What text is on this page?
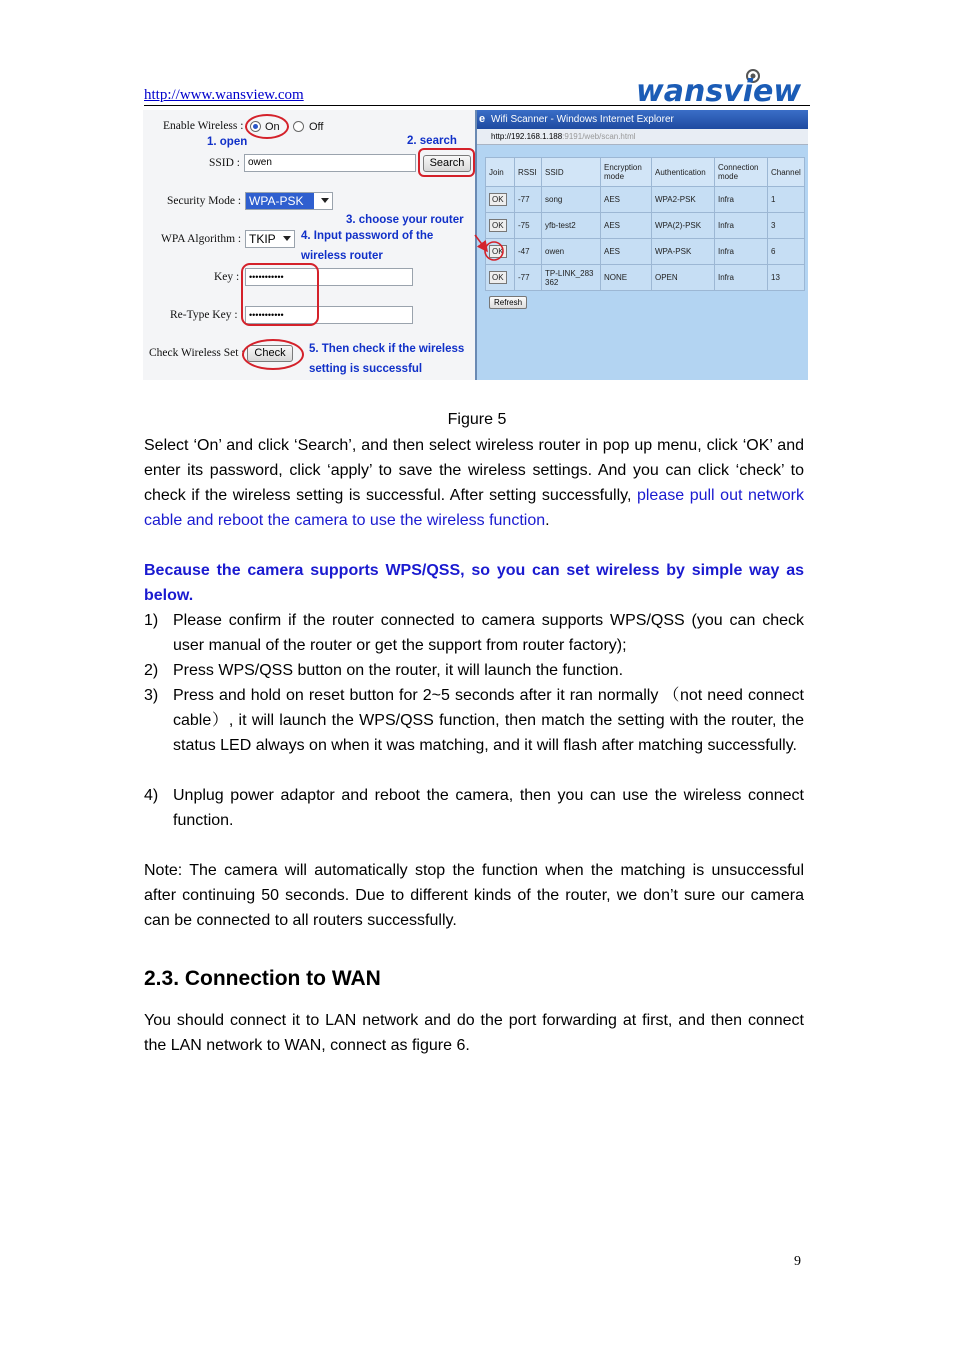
http://www.wansview.com	wansview
Enable Wireless : On	Off
1. open	2. search
SSID : owen	Search
Security Mode : WPA-PSK
3. choose your router
WPA Algorithm : TKIP	4. Input password of the
wireless router
Key :	•••••••••••
Re-Type Key :	•••••••••••
Check Wireless Set : Check	5. Then check if the wireless
setting is successful
e Wifi Scanner - Windows Internet Explorer
http://192.168.1.188:9191/web/scan.html
Join	RSSI	SSID	Encryption mode	Authentication	Connection mode	Channel
OK	-77	song	AES	WPA2-PSK	Infra	1
OK	-75	yfb-test2	AES	WPA(2)-PSK	Infra	3
OK	-47	owen	AES	WPA-PSK	Infra	6
OK	-77	TP-LINK_283362	NONE	OPEN	Infra	13
Refresh
Figure 5
Select ‘On’ and click ‘Search’, and then select wireless router in pop up menu, click ‘OK’ and enter its password, click ‘apply’ to save the wireless settings. And you can click ‘check’ to check if the wireless setting is successful. After setting successfully, please pull out network cable and reboot the camera to use the wireless function.
Because the camera supports WPS/QSS, so you can set wireless by simple way as below.
1) Please confirm if the router connected to camera supports WPS/QSS (you can check user manual of the router or get the support from router factory);
2) Press WPS/QSS button on the router, it will launch the function.
3) Press and hold on reset button for 2~5 seconds after it ran normally （not need connect cable）, it will launch the WPS/QSS function, then match the setting with the router, the status LED always on when it was matching, and it will flash after matching successfully.
4) Unplug power adaptor and reboot the camera, then you can use the wireless connect function.
Note: The camera will automatically stop the function when the matching is unsuccessful after continuing 50 seconds. Due to different kinds of the router, we don’t sure our camera can be connected to all routers successfully.
2.3. Connection to WAN
You should connect it to LAN network and do the port forwarding at first, and then connect the LAN network to WAN, connect as figure 6.
9
